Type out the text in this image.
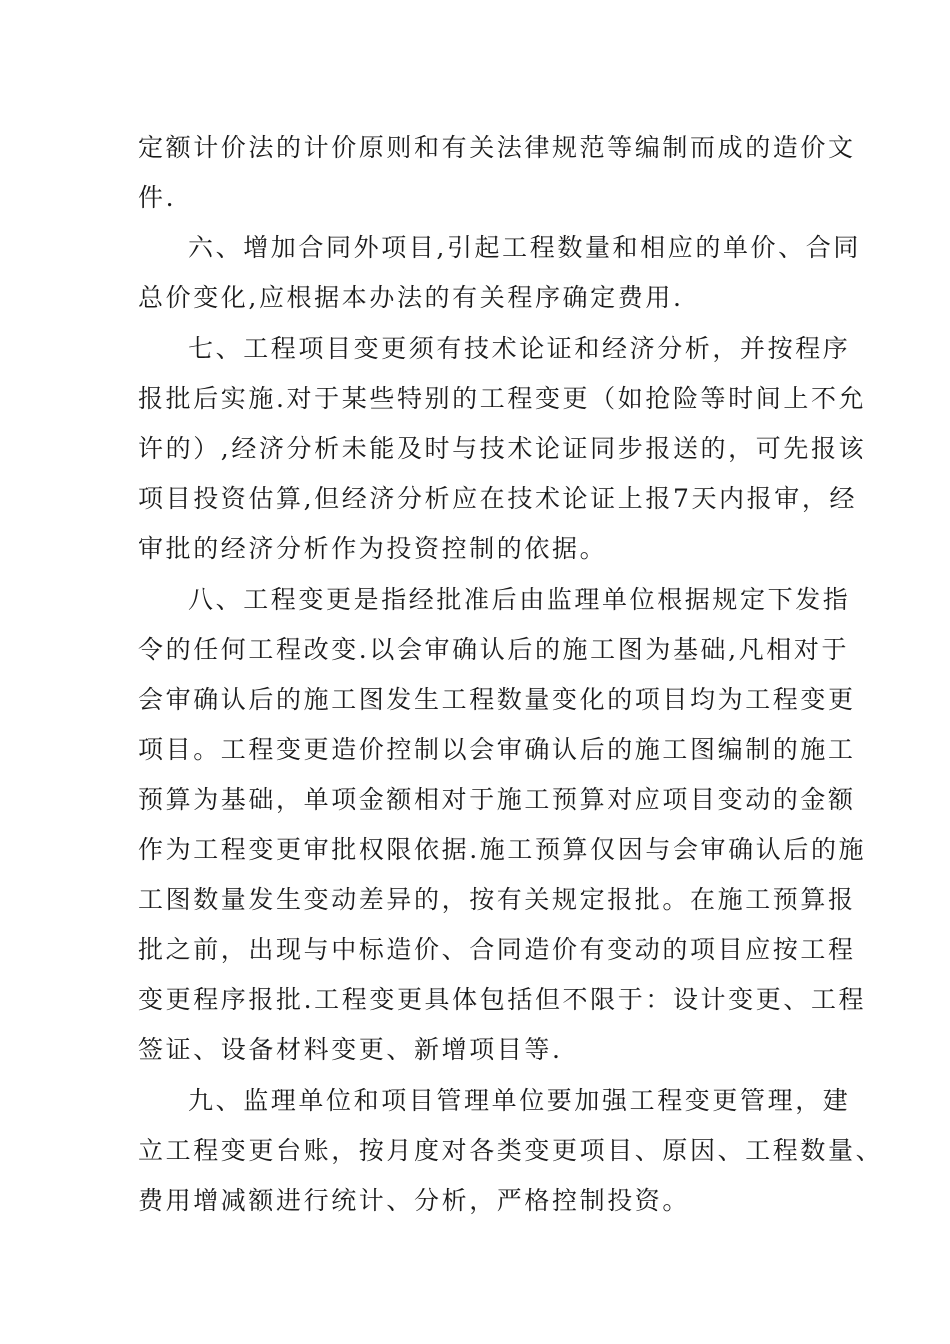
定额计价法的计价原则和有关法律规范等编制而成的造价文
件.
六、增加合同外项目,引起工程数量和相应的单价、合同
总价变化,应根据本办法的有关程序确定费用.
七、工程项目变更须有技术论证和经济分析，并按程序
报批后实施.对于某些特别的工程变更（如抢险等时间上不允
许的）,经济分析未能及时与技术论证同步报送的，可先报该
项目投资估算,但经济分析应在技术论证上报7天内报审，经
审批的经济分析作为投资控制的依据。
八、工程变更是指经批准后由监理单位根据规定下发指
令的任何工程改变.以会审确认后的施工图为基础,凡相对于
会审确认后的施工图发生工程数量变化的项目均为工程变更
项目。工程变更造价控制以会审确认后的施工图编制的施工
预算为基础，单项金额相对于施工预算对应项目变动的金额
作为工程变更审批权限依据.施工预算仅因与会审确认后的施
工图数量发生变动差异的，按有关规定报批。在施工预算报
批之前，出现与中标造价、合同造价有变动的项目应按工程
变更程序报批.工程变更具体包括但不限于：设计变更、工程
签证、设备材料变更、新增项目等.
九、监理单位和项目管理单位要加强工程变更管理，建
立工程变更台账，按月度对各类变更项目、原因、工程数量、
费用增减额进行统计、分析，严格控制投资。
